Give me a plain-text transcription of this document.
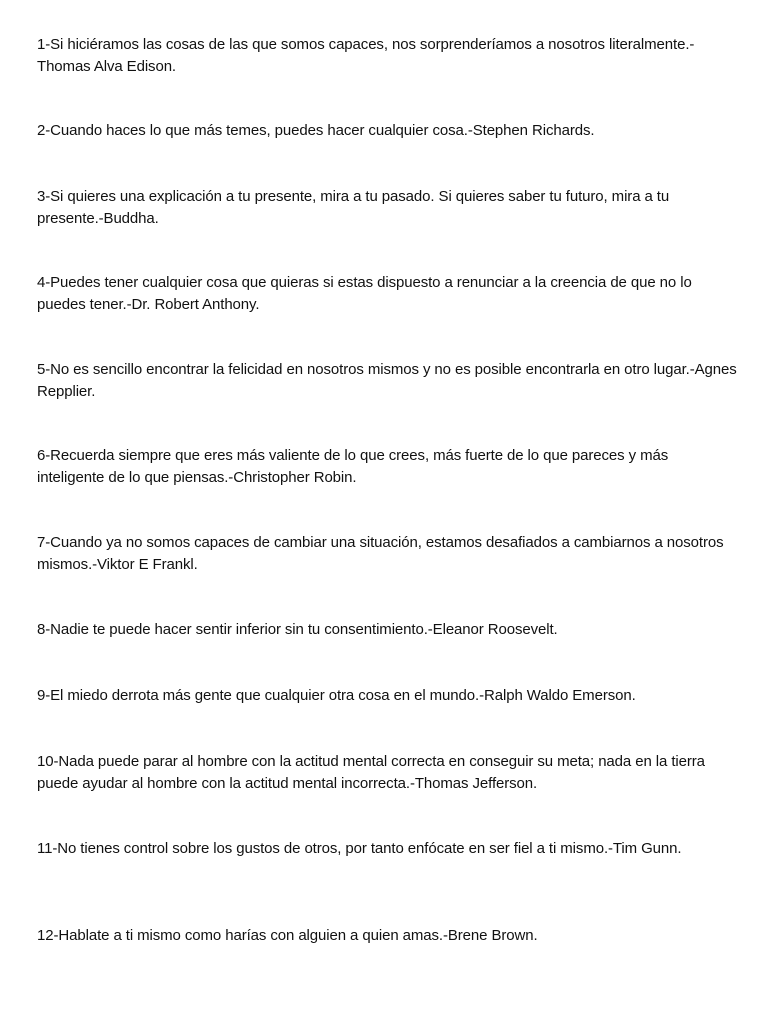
1-Si hiciéramos las cosas de las que somos capaces, nos sorprenderíamos a nosotros literalmente.-Thomas Alva Edison.

2-Cuando haces lo que más temes, puedes hacer cualquier cosa.-Stephen Richards.

3-Si quieres una explicación a tu presente, mira a tu pasado. Si quieres saber tu futuro, mira a tu presente.-Buddha.

4-Puedes tener cualquier cosa que quieras si estas dispuesto a renunciar a la creencia de que no lo puedes tener.-Dr. Robert Anthony.

5-No es sencillo encontrar la felicidad en nosotros mismos y no es posible encontrarla en otro lugar.-Agnes Repplier.

6-Recuerda siempre que eres más valiente de lo que crees, más fuerte de lo que pareces y más inteligente de lo que piensas.-Christopher Robin.

7-Cuando ya no somos capaces de cambiar una situación, estamos desafiados a cambiarnos a nosotros mismos.-Viktor E Frankl.

8-Nadie te puede hacer sentir inferior sin tu consentimiento.-Eleanor Roosevelt.

9-El miedo derrota más gente que cualquier otra cosa en el mundo.-Ralph Waldo Emerson.

10-Nada puede parar al hombre con la actitud mental correcta en conseguir su meta; nada en la tierra puede ayudar al hombre con la actitud mental incorrecta.-Thomas Jefferson.

11-No tienes control sobre los gustos de otros, por tanto enfócate en ser fiel a ti mismo.-Tim Gunn.

12-Hablate a ti mismo como harías con alguien a quien amas.-Brene Brown.
